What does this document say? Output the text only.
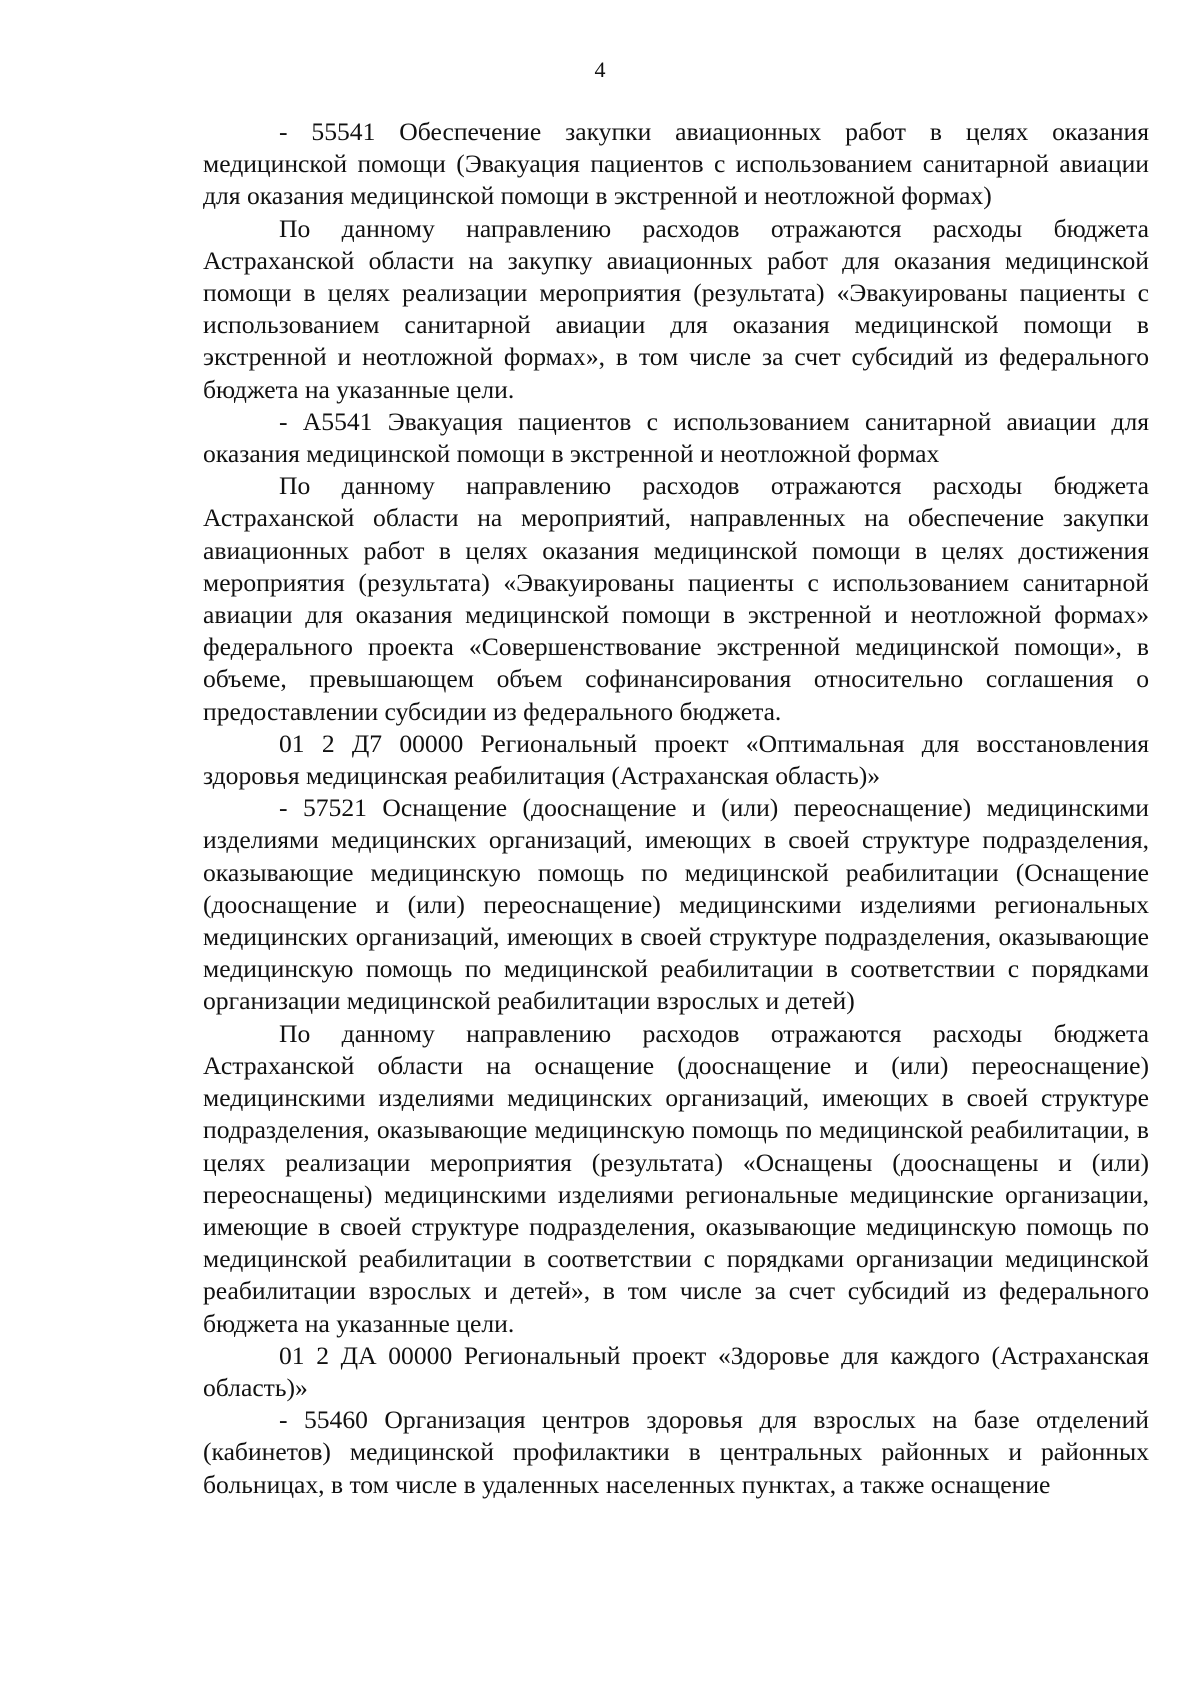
4

- 55541 Обеспечение закупки авиационных работ в целях оказания медицинской помощи (Эвакуация пациентов с использованием санитарной авиации для оказания медицинской помощи в экстренной и неотложной формах)

По данному направлению расходов отражаются расходы бюджета Астраханской области на закупку авиационных работ для оказания медицинской помощи в целях реализации мероприятия (результата) «Эвакуированы пациенты с использованием санитарной авиации для оказания медицинской помощи в экстренной и неотложной формах», в том числе за счет субсидий из федерального бюджета на указанные цели.

- А5541 Эвакуация пациентов с использованием санитарной авиации для оказания медицинской помощи в экстренной и неотложной формах

По данному направлению расходов отражаются расходы бюджета Астраханской области на мероприятий, направленных на обеспечение закупки авиационных работ в целях оказания медицинской помощи в целях достижения мероприятия (результата) «Эвакуированы пациенты с использованием санитарной авиации для оказания медицинской помощи в экстренной и неотложной формах» федерального проекта «Совершенствование экстренной медицинской помощи», в объеме, превышающем объем софинансирования относительно соглашения о предоставлении субсидии из федерального бюджета.

01 2 Д7 00000 Региональный проект «Оптимальная для восстановления здоровья медицинская реабилитация (Астраханская область)»

- 57521 Оснащение (дооснащение и (или) переоснащение) медицинскими изделиями медицинских организаций, имеющих в своей структуре подразделения, оказывающие медицинскую помощь по медицинской реабилитации (Оснащение (дооснащение и (или) переоснащение) медицинскими изделиями региональных медицинских организаций, имеющих в своей структуре подразделения, оказывающие медицинскую помощь по медицинской реабилитации в соответствии с порядками организации медицинской реабилитации взрослых и детей)

По данному направлению расходов отражаются расходы бюджета Астраханской области на оснащение (дооснащение и (или) переоснащение) медицинскими изделиями медицинских организаций, имеющих в своей структуре подразделения, оказывающие медицинскую помощь по медицинской реабилитации, в целях реализации мероприятия (результата) «Оснащены (дооснащены и (или) переоснащены) медицинскими изделиями региональные медицинские организации, имеющие в своей структуре подразделения, оказывающие медицинскую помощь по медицинской реабилитации в соответствии с порядками организации медицинской реабилитации взрослых и детей», в том числе за счет субсидий из федерального бюджета на указанные цели.

01 2 ДА 00000 Региональный проект «Здоровье для каждого (Астраханская область)»

- 55460 Организация центров здоровья для взрослых на базе отделений (кабинетов) медицинской профилактики в центральных районных и районных больницах, в том числе в удаленных населенных пунктах, а также оснащение
